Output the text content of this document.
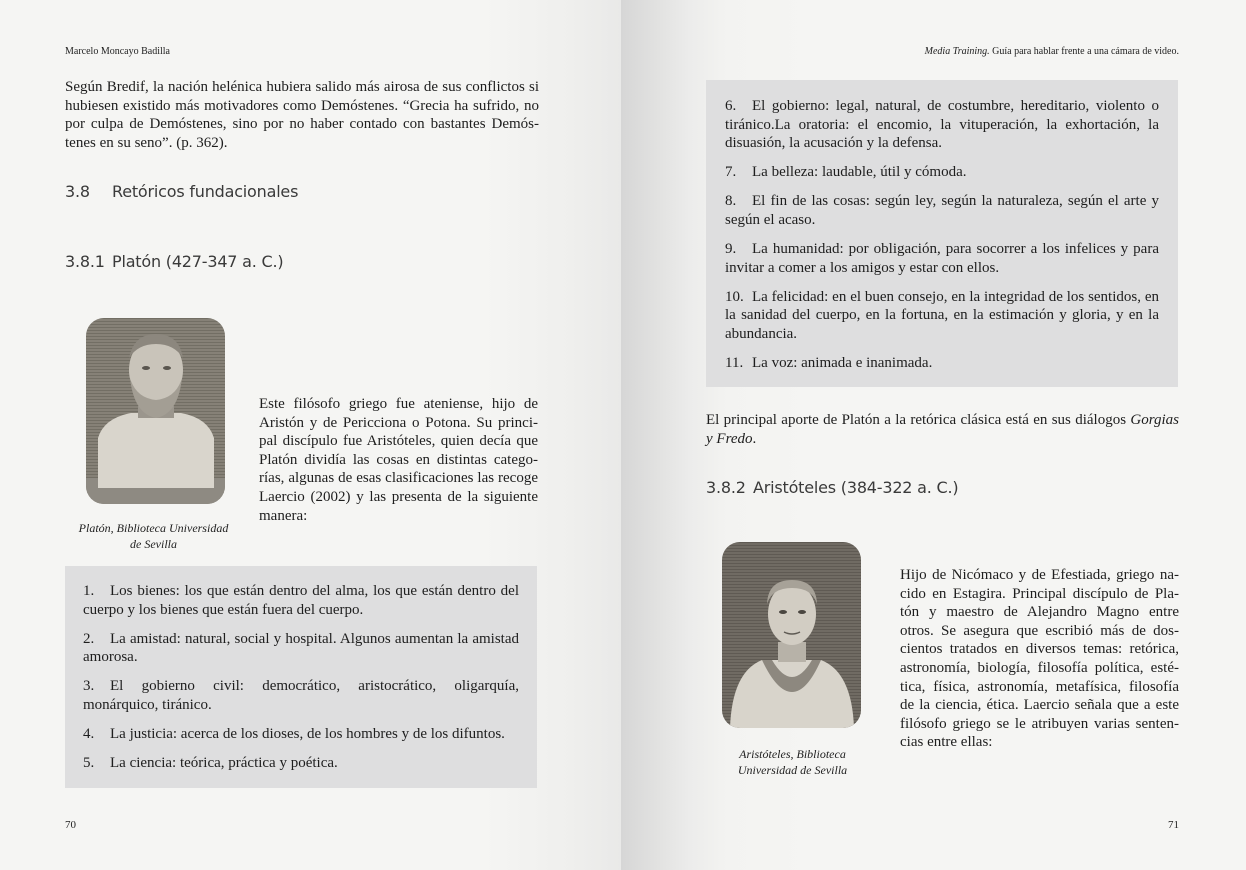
Marcelo Moncayo Badilla
Según Bredif, la nación helénica hubiera salido más airosa de sus conflictos si
hubiesen existido más motivadores como Demóstenes. “Grecia ha sufrido, no
por culpa de Demóstenes, sino por no haber contado con bastantes Demós-
tenes en su seno”. (p. 362).
3.8 Retóricos fundacionales
3.8.1 Platón (427-347 a. C.)
Platón, Biblioteca Universidad
de Sevilla
Este filósofo griego fue ateniense, hijo de
Aristón y de Pericciona o Potona. Su princi-
pal discípulo fue Aristóteles, quien decía que
Platón dividía las cosas en distintas catego-
rías, algunas de esas clasificaciones las recoge
Laercio (2002) y las presenta de la siguiente
manera:
1. Los bienes: los que están dentro del alma, los que están dentro del cuerpo y los bienes que están fuera del cuerpo.
2. La amistad: natural, social y hospital. Algunos aumentan la amistad amorosa.
3. El gobierno civil: democrático, aristocrático, oligarquía, monárquico, tiránico.
4. La justicia: acerca de los dioses, de los hombres y de los difuntos.
5. La ciencia: teórica, práctica y poética.
70
Media Training. Guía para hablar frente a una cámara de video.
6. El gobierno: legal, natural, de costumbre, hereditario, violento o tiránico.La oratoria: el encomio, la vituperación, la exhortación, la disuasión, la acusación y la defensa.
7. La belleza: laudable, útil y cómoda.
8. El fin de las cosas: según ley, según la naturaleza, según el arte y según el acaso.
9. La humanidad: por obligación, para socorrer a los infelices y para invitar a comer a los amigos y estar con ellos.
10. La felicidad: en el buen consejo, en la integridad de los sentidos, en la sanidad del cuerpo, en la fortuna, en la estimación y gloria, y en la abundancia.
11. La voz: animada e inanimada.
El principal aporte de Platón a la retórica clásica está en sus diálogos Gorgias y Fredo.
3.8.2 Aristóteles (384-322 a. C.)
Aristóteles, Biblioteca
Universidad de Sevilla
Hijo de Nicómaco y de Efestiada, griego na-
cido en Estagira. Principal discípulo de Pla-
tón y maestro de Alejandro Magno entre
otros. Se asegura que escribió más de dos-
cientos tratados en diversos temas: retórica,
astronomía, biología, filosofía política, esté-
tica, física, astronomía, metafísica, filosofía
de la ciencia, ética. Laercio señala que a este
filósofo griego se le atribuyen varias senten-
cias entre ellas:
71
